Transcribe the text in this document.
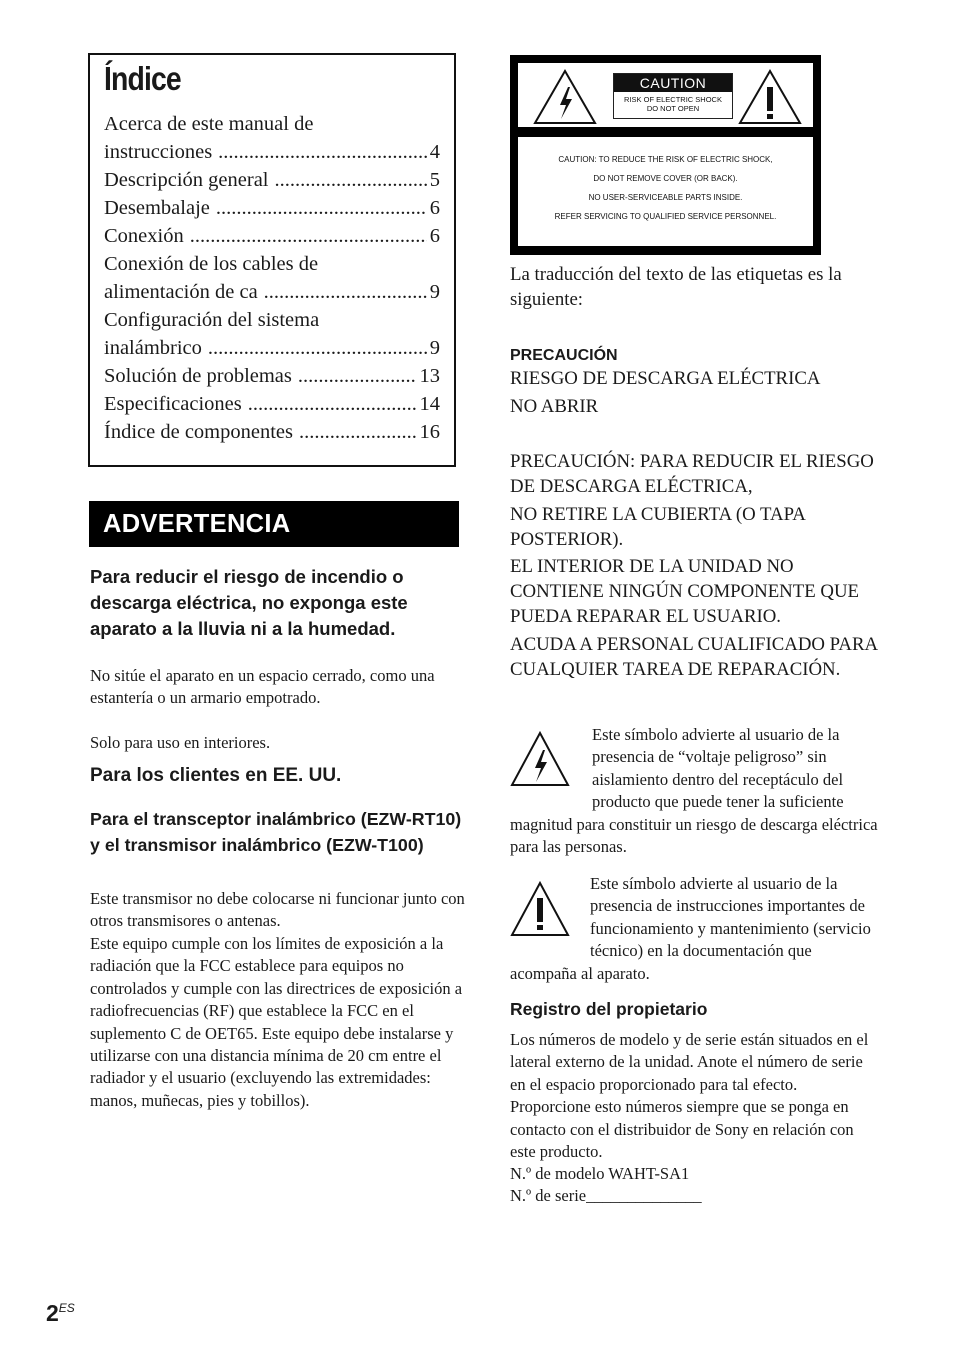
Índice
Acerca de este manual de
instrucciones .....	4
Descripción general .....	5
Desembalaje .....	6
Conexión .....	6
Conexión de los cables de
alimentación de ca .....	9
Configuración del sistema
inalámbrico .....	9
Solución de problemas .....	13
Especificaciones .....	14
Índice de componentes .....	16
ADVERTENCIA

Para reducir el riesgo de incendio o descarga eléctrica, no exponga este aparato a la lluvia ni a la humedad.

No sitúe el aparato en un espacio cerrado, como una estantería o un armario empotrado.

Solo para uso en interiores.

Para los clientes en EE. UU.
Para el transceptor inalámbrico (EZW-RT10) y el transmisor inalámbrico (EZW-T100)

Este transmisor no debe colocarse ni funcionar junto con otros transmisores o antenas.

Este equipo cumple con los límites de exposición a la radiación que la FCC establece para equipos no controlados y cumple con las directrices de exposición a radiofrecuencias (RF) que establece la FCC en el suplemento C de OET65. Este equipo debe instalarse y utilizarse con una distancia mínima de 20 cm entre el radiador y el usuario (excluyendo las extremidades: manos, muñecas, pies y tobillos).

CAUTION
RISK OF ELECTRIC SHOCK
DO NOT OPEN
CAUTION: TO REDUCE THE RISK OF ELECTRIC SHOCK,
DO NOT REMOVE COVER (OR BACK).
NO USER-SERVICEABLE PARTS INSIDE.
REFER SERVICING TO QUALIFIED SERVICE PERSONNEL.

La traducción del texto de las etiquetas es la siguiente:

PRECAUCIÓN

RIESGO DE DESCARGA ELÉCTRICA

NO ABRIR

PRECAUCIÓN: PARA REDUCIR EL RIESGO DE DESCARGA ELÉCTRICA,

NO RETIRE LA CUBIERTA (O TAPA POSTERIOR).

EL INTERIOR DE LA UNIDAD NO CONTIENE NINGÚN COMPONENTE QUE PUEDA REPARAR EL USUARIO.

ACUDA A PERSONAL CUALIFICADO PARA CUALQUIER TAREA DE REPARACIÓN.

Este símbolo advierte al usuario de la presencia de “voltaje peligroso” sin aislamiento dentro del receptáculo del producto que puede tener la suficiente magnitud para constituir un riesgo de descarga eléctrica para las personas.
Este símbolo advierte al usuario de la presencia de instrucciones importantes de funcionamiento y mantenimiento (servicio técnico) en la documentación que acompaña al aparato.
Registro del propietario

Los números de modelo y de serie están situados en el lateral externo de la unidad. Anote el número de serie en el espacio proporcionado para tal efecto. Proporcione esto números siempre que se ponga en contacto con el distribuidor de Sony en relación con este producto.

N.º de modelo WAHT-SA1

N.º de serie______________

$2^{ES}$
